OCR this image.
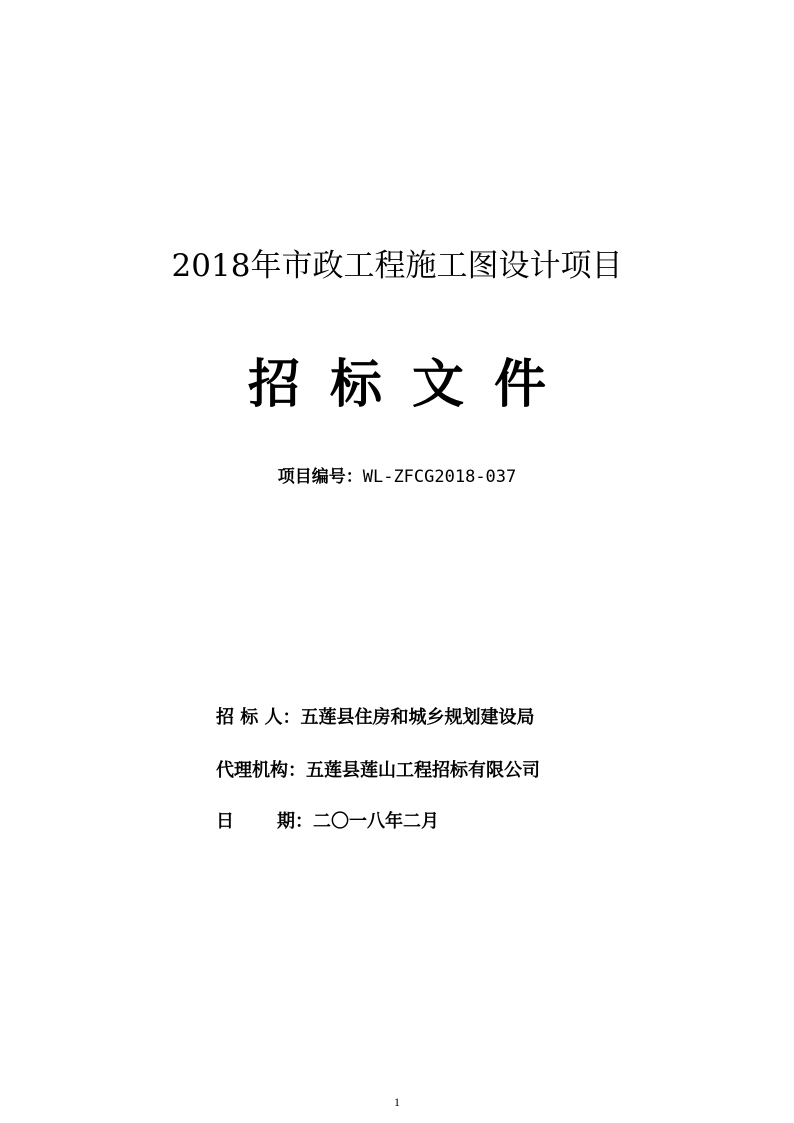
2018年市政工程施工图设计项目
招标文件
项目编号：WL-ZFCG2018-037
招 标 人：五莲县住房和城乡规划建设局
代理机构：五莲县莲山工程招标有限公司
日 期： 二〇一八年二月
1
